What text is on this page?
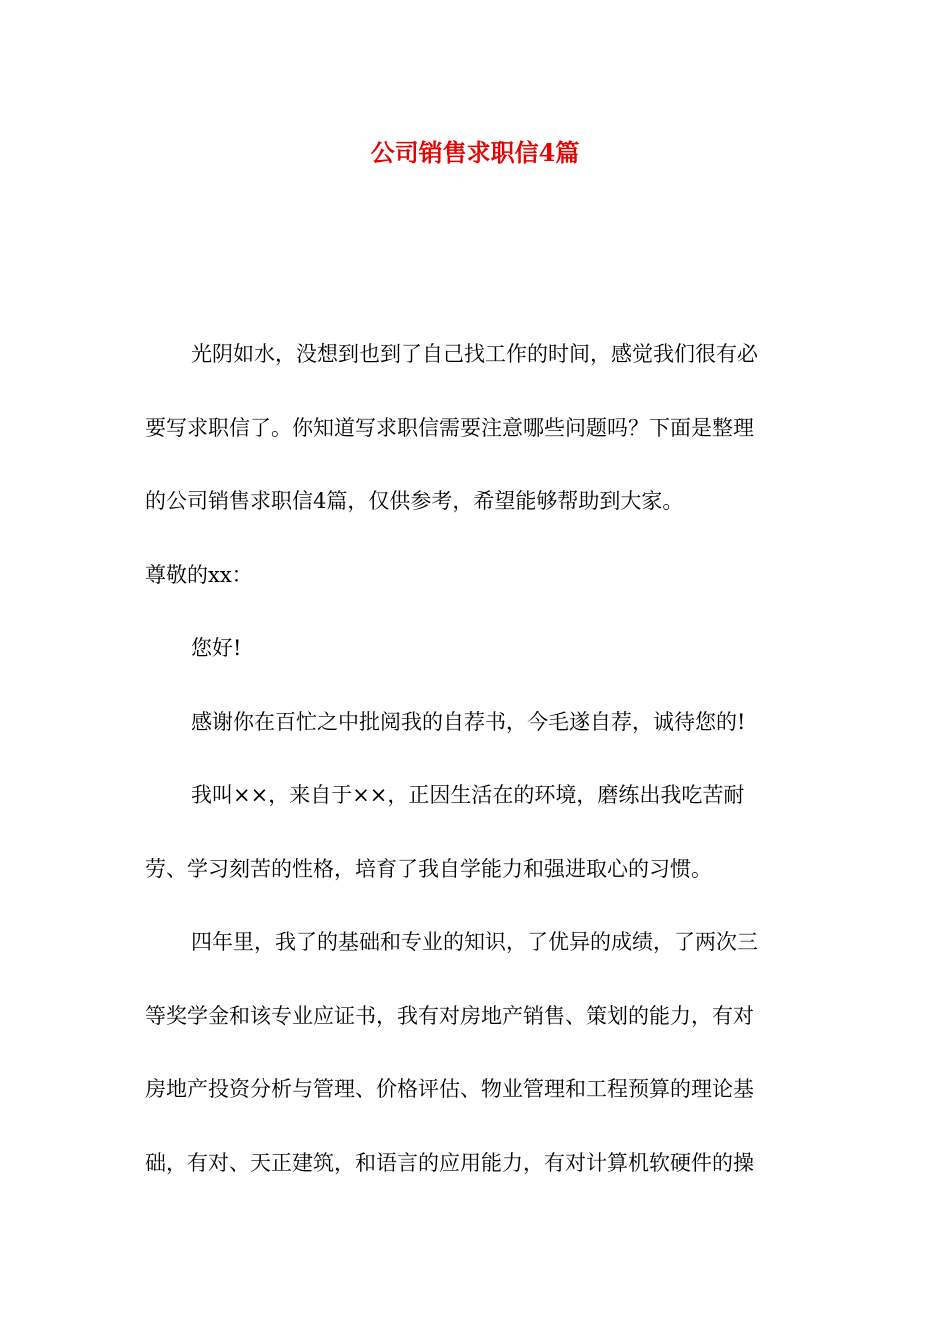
公司销售求职信4篇

光阴如水，没想到也到了自己找工作的时间，感觉我们很有必
要写求职信了。你知道写求职信需要注意哪些问题吗？下面是整理
的公司销售求职信4篇，仅供参考，希望能够帮助到大家。

尊敬的xx：

您好!

感谢你在百忙之中批阅我的自荐书，今毛遂自荐，诚待您的!

我叫××，来自于××，正因生活在的环境，磨练出我吃苦耐
劳、学习刻苦的性格，培育了我自学能力和强进取心的习惯。

四年里，我了的基础和专业的知识，了优异的成绩，了两次三
等奖学金和该专业应证书，我有对房地产销售、策划的能力，有对
房地产投资分析与管理、价格评估、物业管理和工程预算的理论基
础，有对、天正建筑，和语言的应用能力，有对计算机软硬件的操
